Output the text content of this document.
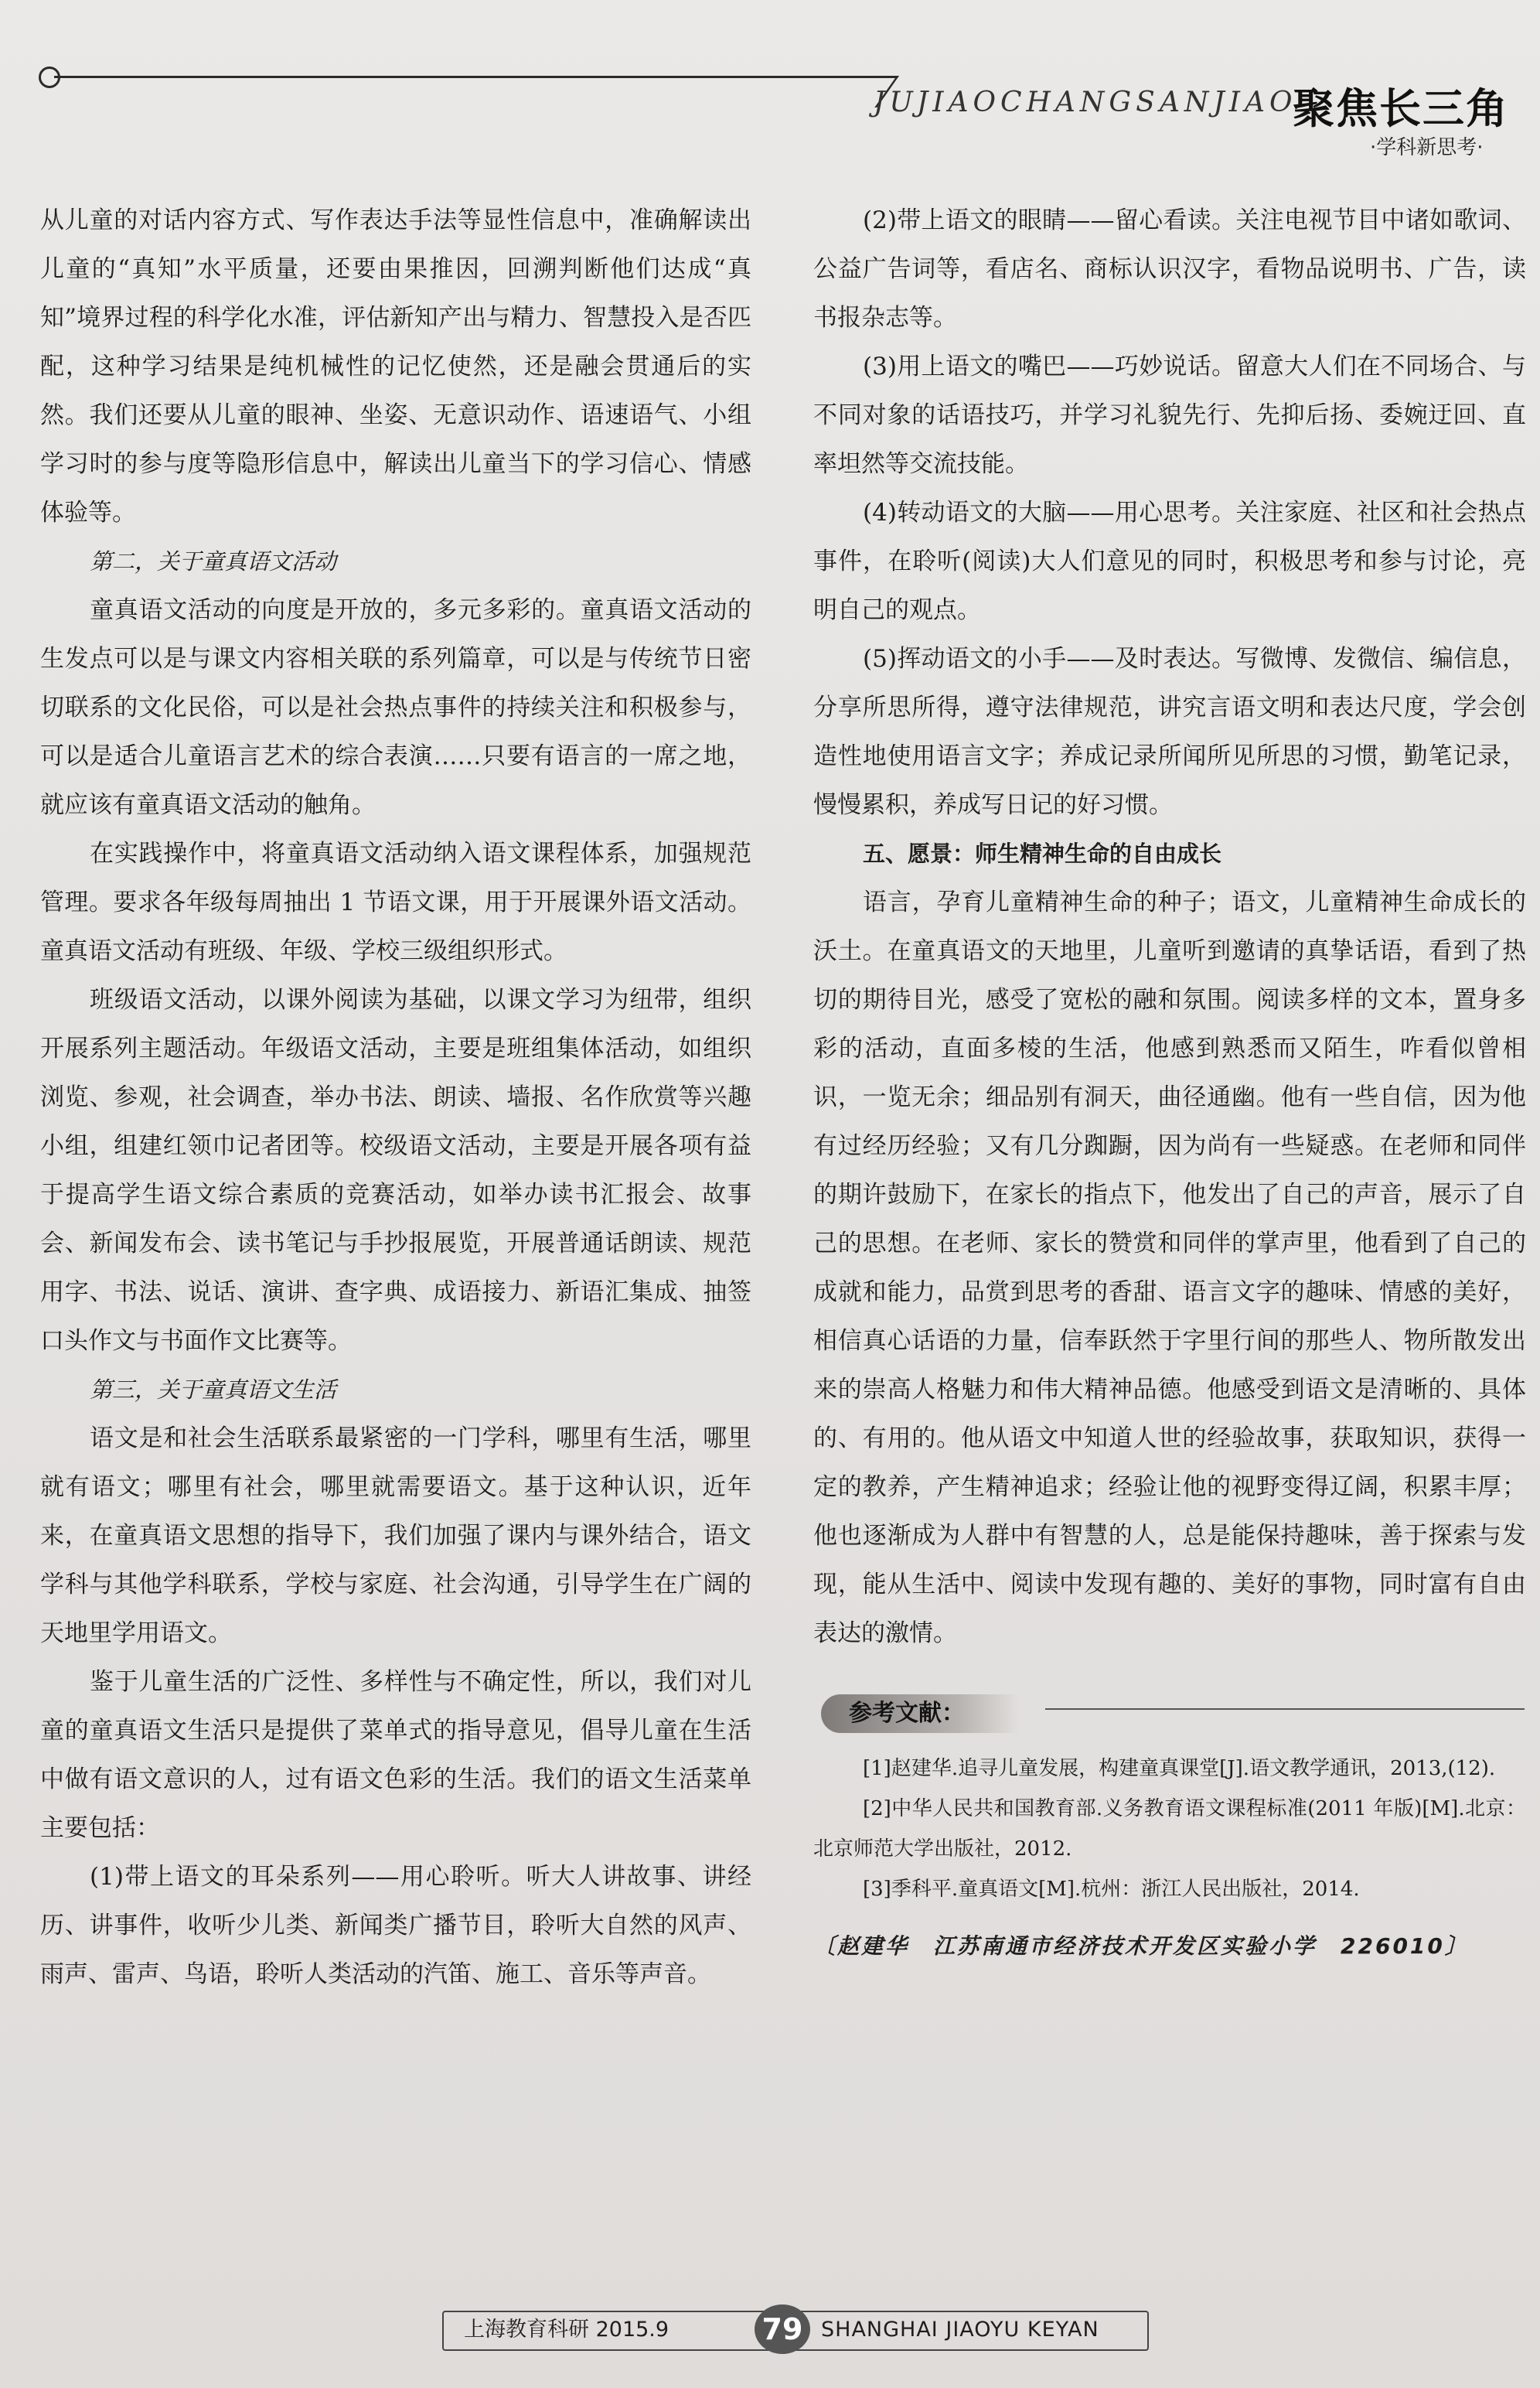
JUJIAOCHANGSANJIAO
聚焦长三角
·学科新思考·

从儿童的对话内容方式、写作表达手法等显性信息中，准确解读出儿童的“真知”水平质量，还要由果推因，回溯判断他们达成“真知”境界过程的科学化水准，评估新知产出与精力、智慧投入是否匹配，这种学习结果是纯机械性的记忆使然，还是融会贯通后的实然。我们还要从儿童的眼神、坐姿、无意识动作、语速语气、小组学习时的参与度等隐形信息中，解读出儿童当下的学习信心、情感体验等。

第二，关于童真语文活动

童真语文活动的向度是开放的，多元多彩的。童真语文活动的生发点可以是与课文内容相关联的系列篇章，可以是与传统节日密切联系的文化民俗，可以是社会热点事件的持续关注和积极参与，可以是适合儿童语言艺术的综合表演……只要有语言的一席之地，就应该有童真语文活动的触角。

在实践操作中，将童真语文活动纳入语文课程体系，加强规范管理。要求各年级每周抽出 1 节语文课，用于开展课外语文活动。童真语文活动有班级、年级、学校三级组织形式。

班级语文活动，以课外阅读为基础，以课文学习为纽带，组织开展系列主题活动。年级语文活动，主要是班组集体活动，如组织浏览、参观，社会调查，举办书法、朗读、墙报、名作欣赏等兴趣小组，组建红领巾记者团等。校级语文活动，主要是开展各项有益于提高学生语文综合素质的竞赛活动，如举办读书汇报会、故事会、新闻发布会、读书笔记与手抄报展览，开展普通话朗读、规范用字、书法、说话、演讲、查字典、成语接力、新语汇集成、抽签口头作文与书面作文比赛等。

第三，关于童真语文生活

语文是和社会生活联系最紧密的一门学科，哪里有生活，哪里就有语文；哪里有社会，哪里就需要语文。基于这种认识，近年来，在童真语文思想的指导下，我们加强了课内与课外结合，语文学科与其他学科联系，学校与家庭、社会沟通，引导学生在广阔的天地里学用语文。

鉴于儿童生活的广泛性、多样性与不确定性，所以，我们对儿童的童真语文生活只是提供了菜单式的指导意见，倡导儿童在生活中做有语文意识的人，过有语文色彩的生活。我们的语文生活菜单主要包括：

(1)带上语文的耳朵系列——用心聆听。听大人讲故事、讲经历、讲事件，收听少儿类、新闻类广播节目，聆听大自然的风声、雨声、雷声、鸟语，聆听人类活动的汽笛、施工、音乐等声音。

(2)带上语文的眼睛——留心看读。关注电视节目中诸如歌词、公益广告词等，看店名、商标认识汉字，看物品说明书、广告，读书报杂志等。

(3)用上语文的嘴巴——巧妙说话。留意大人们在不同场合、与不同对象的话语技巧，并学习礼貌先行、先抑后扬、委婉迂回、直率坦然等交流技能。

(4)转动语文的大脑——用心思考。关注家庭、社区和社会热点事件，在聆听(阅读)大人们意见的同时，积极思考和参与讨论，亮明自己的观点。

(5)挥动语文的小手——及时表达。写微博、发微信、编信息，分享所思所得，遵守法律规范，讲究言语文明和表达尺度，学会创造性地使用语言文字；养成记录所闻所见所思的习惯，勤笔记录，慢慢累积，养成写日记的好习惯。

五、愿景：师生精神生命的自由成长

语言，孕育儿童精神生命的种子；语文，儿童精神生命成长的沃土。在童真语文的天地里，儿童听到邀请的真挚话语，看到了热切的期待目光，感受了宽松的融和氛围。阅读多样的文本，置身多彩的活动，直面多棱的生活，他感到熟悉而又陌生，咋看似曾相识，一览无余；细品别有洞天，曲径通幽。他有一些自信，因为他有过经历经验；又有几分踟蹰，因为尚有一些疑惑。在老师和同伴的期许鼓励下，在家长的指点下，他发出了自己的声音，展示了自己的思想。在老师、家长的赞赏和同伴的掌声里，他看到了自己的成就和能力，品赏到思考的香甜、语言文字的趣味、情感的美好，相信真心话语的力量，信奉跃然于字里行间的那些人、物所散发出来的崇高人格魅力和伟大精神品德。他感受到语文是清晰的、具体的、有用的。他从语文中知道人世的经验故事，获取知识，获得一定的教养，产生精神追求；经验让他的视野变得辽阔，积累丰厚；他也逐渐成为人群中有智慧的人，总是能保持趣味，善于探索与发现，能从生活中、阅读中发现有趣的、美好的事物，同时富有自由表达的激情。

参考文献：

[1]赵建华.追寻儿童发展，构建童真课堂[J].语文教学通讯，2013,(12).

[2]中华人民共和国教育部.义务教育语文课程标准(2011 年版)[M].北京：北京师范大学出版社，2012.

[3]季科平.童真语文[M].杭州：浙江人民出版社，2014.

〔赵建华　江苏南通市经济技术开发区实验小学　226010〕
上海教育科研 2015.9	79 SHANGHAI JIAOYU KEYAN
